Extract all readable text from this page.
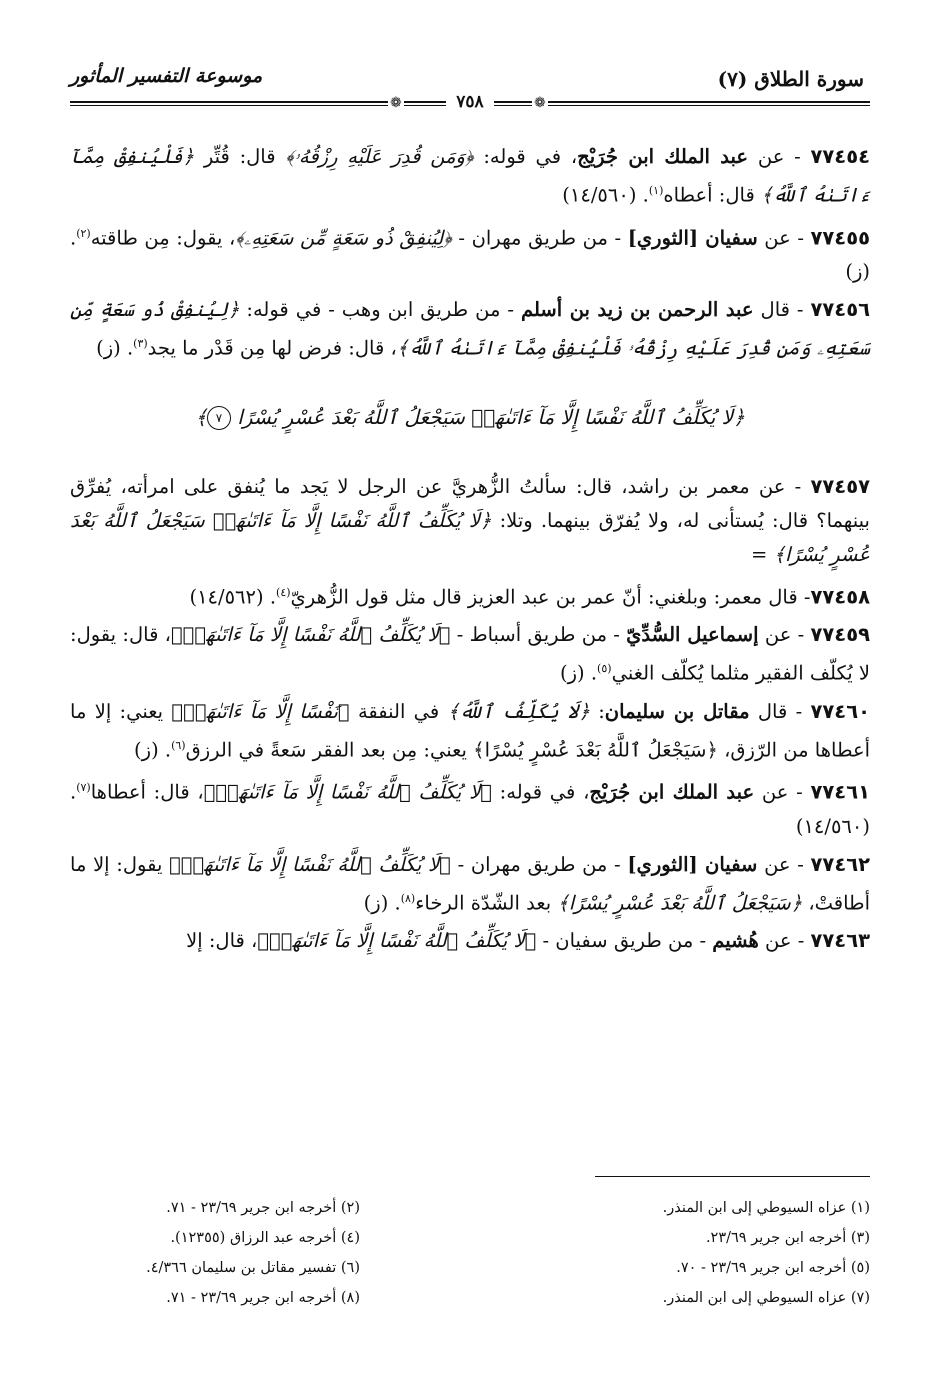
سورة الطلاق (٧)
موسوعة التفسير المأثور
❁	❁
٧٥٨

٧٧٤٥٤ - عن عبد الملك ابن جُرَيْج، في قوله: ﴿وَمَن قُدِرَ عَلَيْهِ رِزْقُهُۥ﴾ قال: قُتِّر ﴿فَلْيُنفِقْ مِمَّآ ءَاتَىٰهُ ٱللَّهُ﴾ قال: أعطاه$^{(١)}$. (١٤/٥٦٠)

٧٧٤٥٥ - عن سفيان [الثوري] - من طريق مهران - ﴿لِيُنفِقْ ذُو سَعَةٍ مِّن سَعَتِهِۦ﴾، يقول: مِن طاقته$^{(٢)}$. (ز)

٧٧٤٥٦ - قال عبد الرحمن بن زيد بن أسلم - من طريق ابن وهب - في قوله: ﴿لِيُنفِقْ ذُو سَعَةٍ مِّن سَعَتِهِۦ وَمَن قُدِرَ عَلَيْهِ رِزْقُهُۥ فَلْيُنفِقْ مِمَّآ ءَاتَىٰهُ ٱللَّهُ﴾، قال: فرض لها مِن قَدْر ما يجد$^{(٣)}$. (ز)

﴿لَا يُكَلِّفُ ٱللَّهُ نَفْسًا إِلَّا مَآ ءَاتَىٰهَاۚ سَيَجْعَلُ ٱللَّهُ بَعْدَ عُسْرٍ يُسْرًا ٧﴾

٧٧٤٥٧ - عن معمر بن راشد، قال: سألتُ الزُّهريَّ عن الرجل لا يَجد ما يُنفق على امرأته، يُفرِّق بينهما؟ قال: يُستأنى له، ولا يُفرّق بينهما. وتلا: ﴿لَا يُكَلِّفُ ٱللَّهُ نَفْسًا إِلَّا مَآ ءَاتَىٰهَاۚ سَيَجْعَلُ ٱللَّهُ بَعْدَ عُسْرٍ يُسْرًا﴾ =

٧٧٤٥٨- قال معمر: وبلغني: أنّ عمر بن عبد العزيز قال مثل قول الزُّهريّ$^{(٤)}$. (١٤/٥٦٢)

٧٧٤٥٩ - عن إسماعيل السُّدِّيّ - من طريق أسباط - ﴿لَا يُكَلِّفُ ٱللَّهُ نَفْسًا إِلَّا مَآ ءَاتَىٰهَاۚ﴾، قال: يقول: لا يُكلّف الفقير مثلما يُكلّف الغني$^{(٥)}$. (ز)

٧٧٤٦٠ - قال مقاتل بن سليمان: ﴿لَا يُكَلِّفُ ٱللَّهُ﴾ في النفقة ﴿نَفْسًا إِلَّا مَآ ءَاتَىٰهَاۚ﴾ يعني: إلا ما أعطاها من الرّزق، ﴿سَيَجْعَلُ ٱللَّهُ بَعْدَ عُسْرٍ يُسْرًا﴾ يعني: مِن بعد الفقر سَعةً في الرزق$^{(٦)}$. (ز)

٧٧٤٦١ - عن عبد الملك ابن جُرَيْج، في قوله: ﴿لَا يُكَلِّفُ ٱللَّهُ نَفْسًا إِلَّا مَآ ءَاتَىٰهَاۚ﴾، قال: أعطاها$^{(٧)}$. (١٤/٥٦٠)

٧٧٤٦٢ - عن سفيان [الثوري] - من طريق مهران - ﴿لَا يُكَلِّفُ ٱللَّهُ نَفْسًا إِلَّا مَآ ءَاتَىٰهَاۚ﴾ يقول: إلا ما أطاقتْ، ﴿سَيَجْعَلُ ٱللَّهُ بَعْدَ عُسْرٍ يُسْرًا﴾ بعد الشّدّة الرخاء$^{(٨)}$. (ز)

٧٧٤٦٣ - عن هُشيم - من طريق سفيان - ﴿لَا يُكَلِّفُ ٱللَّهُ نَفْسًا إِلَّا مَآ ءَاتَىٰهَاۚ﴾، قال: إلا

(١) عزاه السيوطي إلى ابن المنذر.
(٢) أخرجه ابن جرير ٢٣/٦٩ - ٧١.
(٣) أخرجه ابن جرير ٢٣/٦٩.
(٤) أخرجه عبد الرزاق (١٢٣٥٥).
(٥) أخرجه ابن جرير ٢٣/٦٩ - ٧٠.
(٦) تفسير مقاتل بن سليمان ٤/٣٦٦.
(٧) عزاه السيوطي إلى ابن المنذر.
(٨) أخرجه ابن جرير ٢٣/٦٩ - ٧١.
